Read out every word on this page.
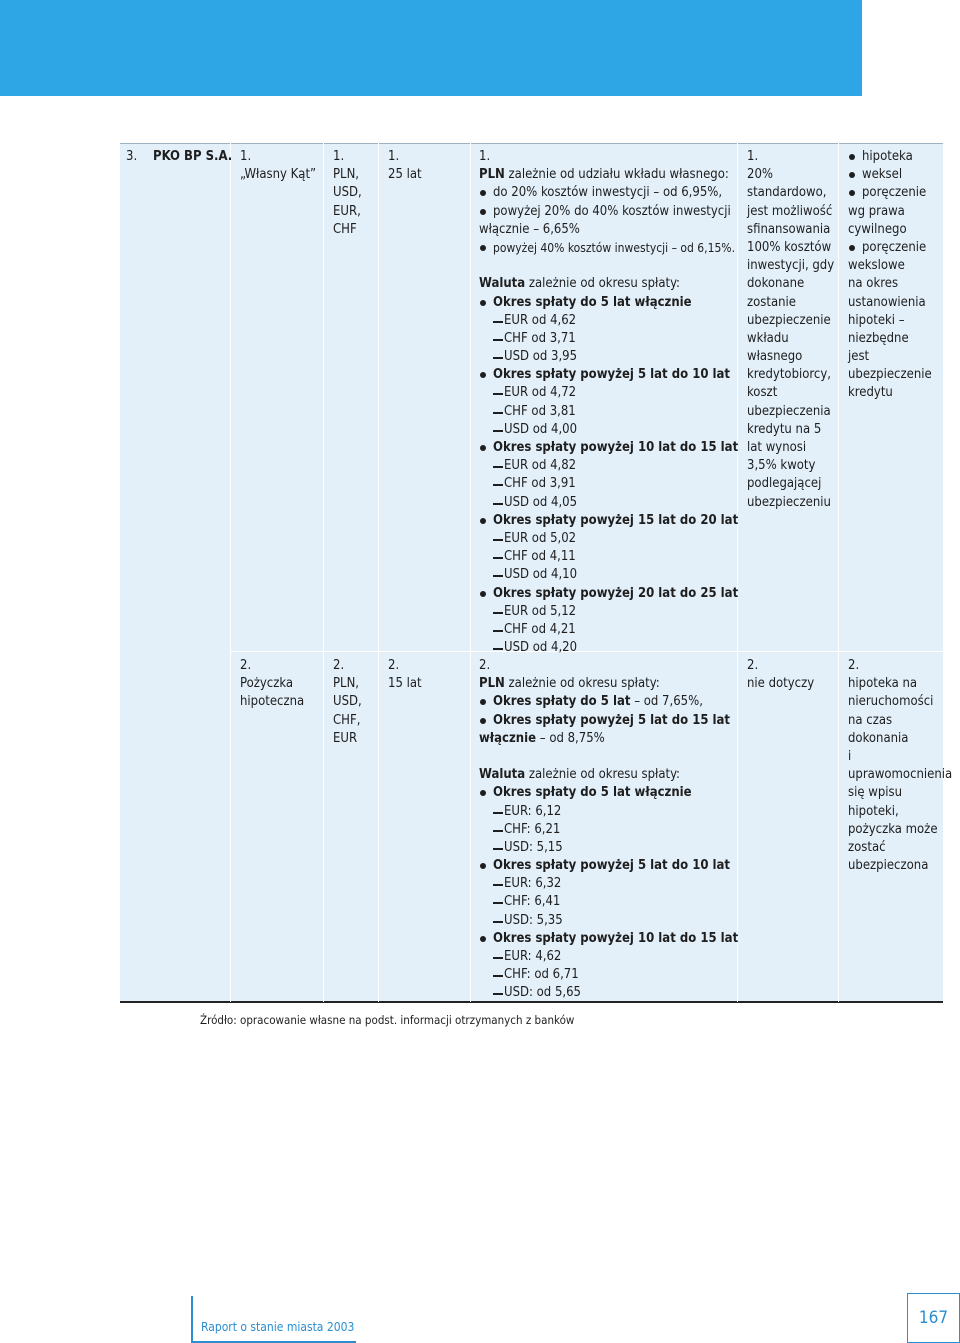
3. PKO BP S.A. 1.
„Własny Kąt”
1.
PLN,
USD,
EUR,
CHF
1.
25 lat
1.
PLN zależnie od udziału wkładu własnego:
do 20% kosztów inwestycji – od 6,95%,
powyżej 20% do 40% kosztów inwestycji
włącznie – 6,65%
powyżej 40% kosztów inwestycji – od 6,15%.
Waluta zależnie od okresu spłaty:
Okres spłaty do 5 lat włącznie
EUR od 4,62
CHF od 3,71
USD od 3,95
Okres spłaty powyżej 5 lat do 10 lat
EUR od 4,72
CHF od 3,81
USD od 4,00
Okres spłaty powyżej 10 lat do 15 lat
EUR od 4,82
CHF od 3,91
USD od 4,05
Okres spłaty powyżej 15 lat do 20 lat
EUR od 5,02
CHF od 4,11
USD od 4,10
Okres spłaty powyżej 20 lat do 25 lat
EUR od 5,12
CHF od 4,21
USD od 4,20
1.
20%
standardowo,
jest możliwość
sfinansowania
100% kosztów
inwestycji, gdy
dokonane
zostanie
ubezpieczenie
wkładu
własnego
kredytobiorcy,
koszt
ubezpieczenia
kredytu na 5
lat wynosi
3,5% kwoty
podlegającej
ubezpieczeniu
hipoteka
weksel
poręczenie
wg prawa
cywilnego
poręczenie
wekslowe
na okres
ustanowienia
hipoteki –
niezbędne
jest
ubezpieczenie
kredytu
2.
Pożyczka
hipoteczna
2.
PLN,
USD,
CHF,
EUR
2.
15 lat
2.
PLN zależnie od okresu spłaty:
Okres spłaty do 5 lat – od 7,65%,
Okres spłaty powyżej 5 lat do 15 lat
włącznie – od 8,75%
Waluta zależnie od okresu spłaty:
Okres spłaty do 5 lat włącznie
EUR: 6,12
CHF: 6,21
USD: 5,15
Okres spłaty powyżej 5 lat do 10 lat
EUR: 6,32
CHF: 6,41
USD: 5,35
Okres spłaty powyżej 10 lat do 15 lat
EUR: 4,62
CHF: od 6,71
USD: od 5,65
2.
nie dotyczy
2.
hipoteka na
nieruchomości
na czas
dokonania
i
uprawomocnienia
się wpisu
hipoteki,
pożyczka może
zostać
ubezpieczona
Źródło: opracowanie własne na podst. informacji otrzymanych z banków
Raport o stanie miasta 2003	167
